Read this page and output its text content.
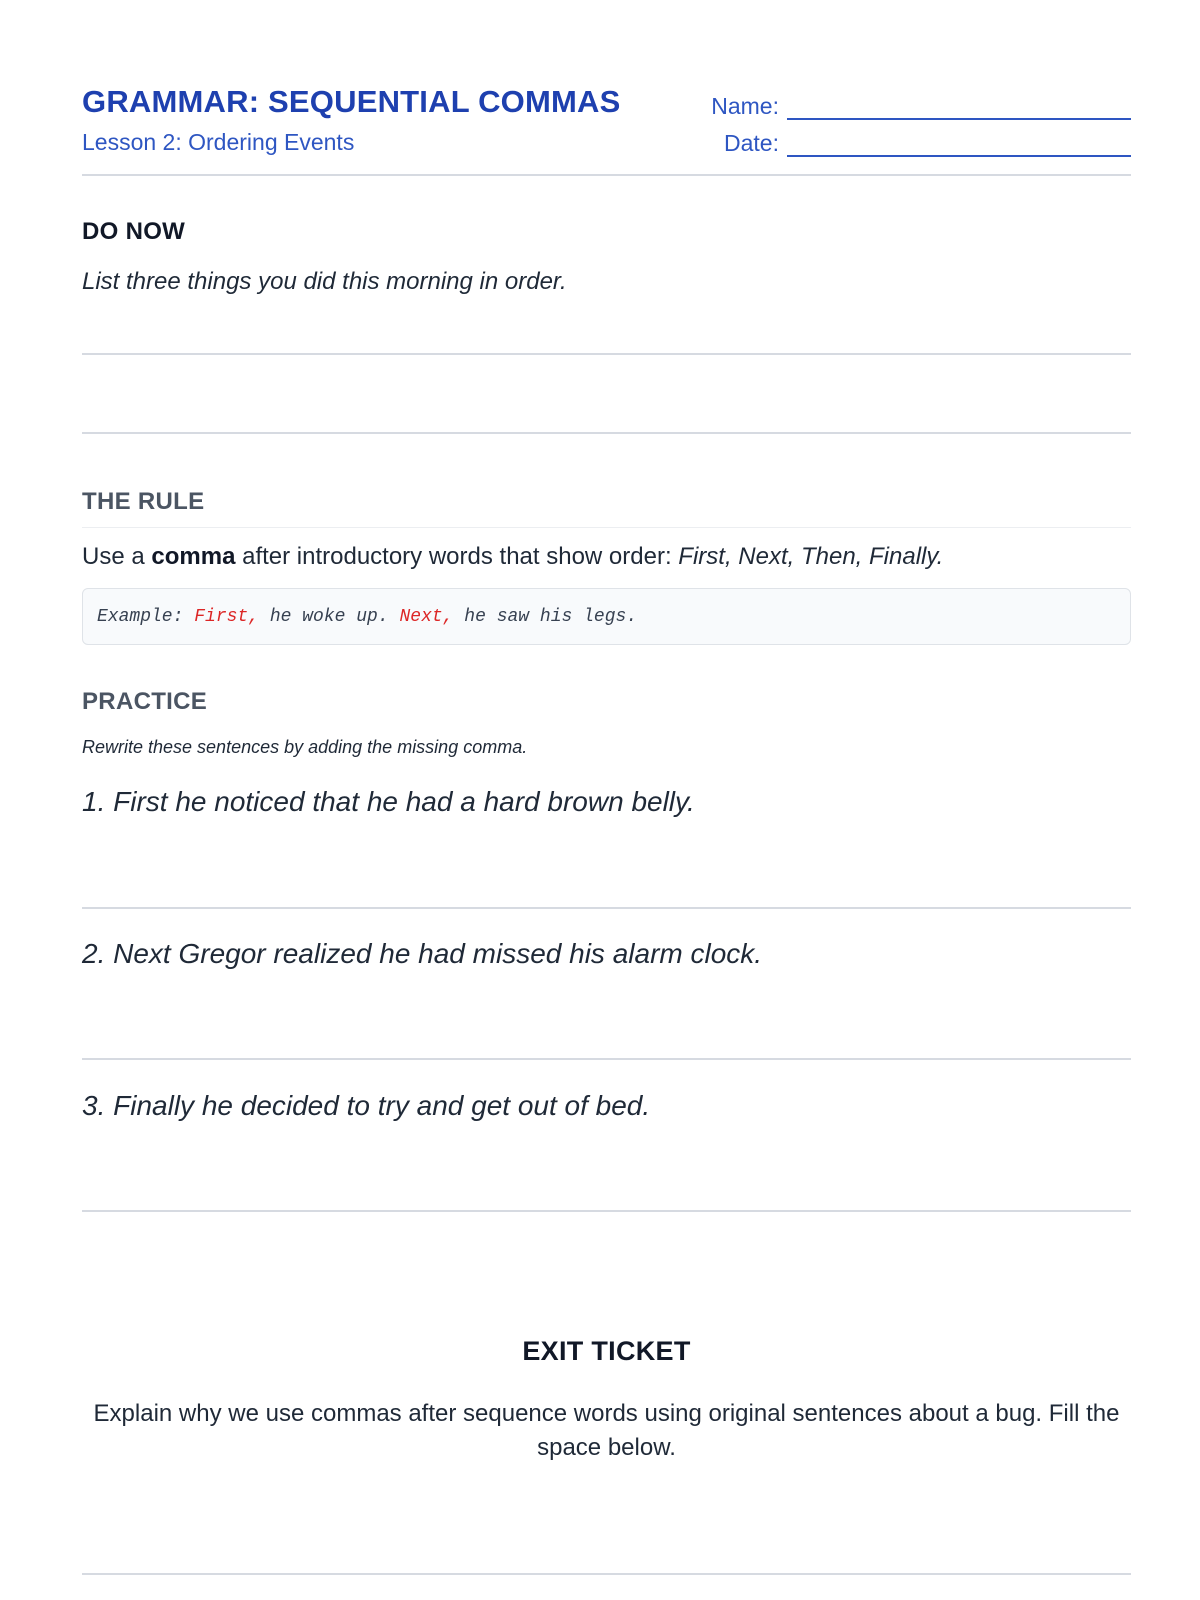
GRAMMAR: SEQUENTIAL COMMAS
Lesson 2: Ordering Events
Name:
Date:
DO NOW
List three things you did this morning in order.
THE RULE
Use a comma after introductory words that show order: First, Next, Then, Finally.
Example: First, he woke up. Next, he saw his legs.
PRACTICE
Rewrite these sentences by adding the missing comma.
1. First he noticed that he had a hard brown belly.
2. Next Gregor realized he had missed his alarm clock.
3. Finally he decided to try and get out of bed.
EXIT TICKET
Explain why we use commas after sequence words using original sentences about a bug. Fill the space below.
